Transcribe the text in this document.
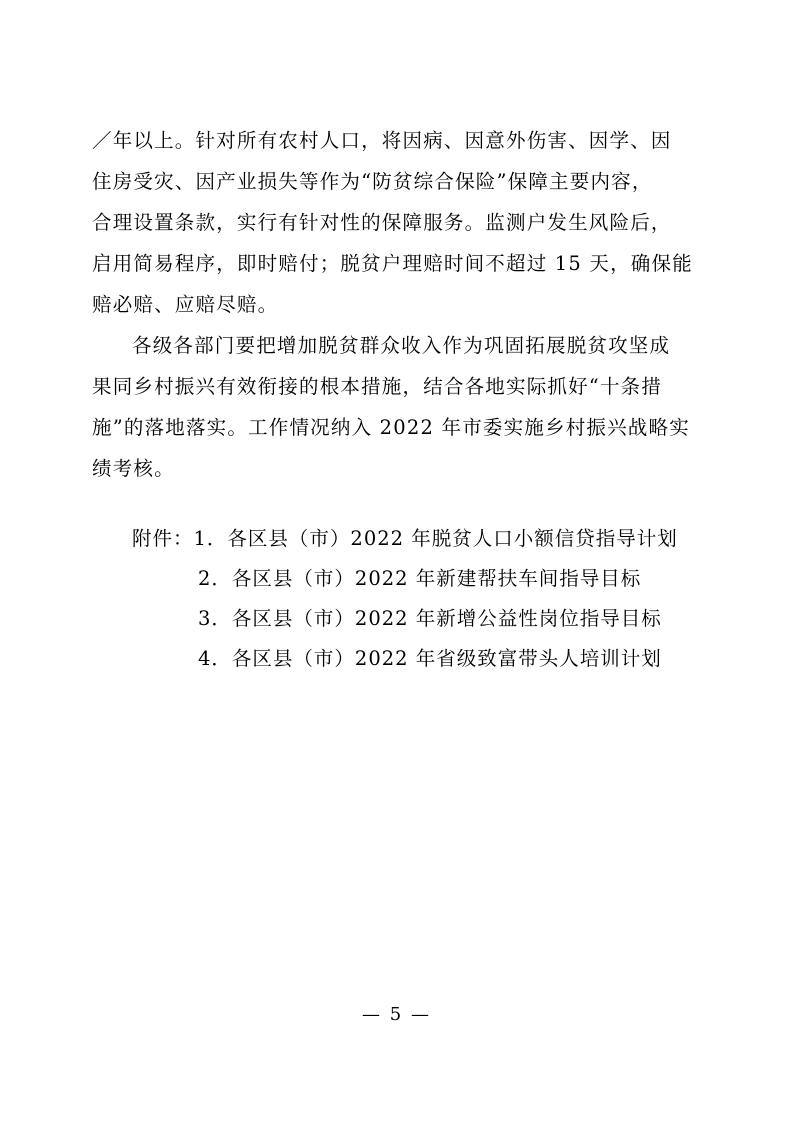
／年以上。针对所有农村人口，将因病、因意外伤害、因学、因
住房受灾、因产业损失等作为“防贫综合保险”保障主要内容，
合理设置条款，实行有针对性的保障服务。监测户发生风险后，
启用简易程序，即时赔付；脱贫户理赔时间不超过 15 天，确保能
赔必赔、应赔尽赔。
各级各部门要把增加脱贫群众收入作为巩固拓展脱贫攻坚成
果同乡村振兴有效衔接的根本措施，结合各地实际抓好“十条措
施”的落地落实。工作情况纳入 2022 年市委实施乡村振兴战略实
绩考核。
附件：1．各区县（市）2022 年脱贫人口小额信贷指导计划
2．各区县（市）2022 年新建帮扶车间指导目标
3．各区县（市）2022 年新增公益性岗位指导目标
4．各区县（市）2022 年省级致富带头人培训计划
— 5 —
